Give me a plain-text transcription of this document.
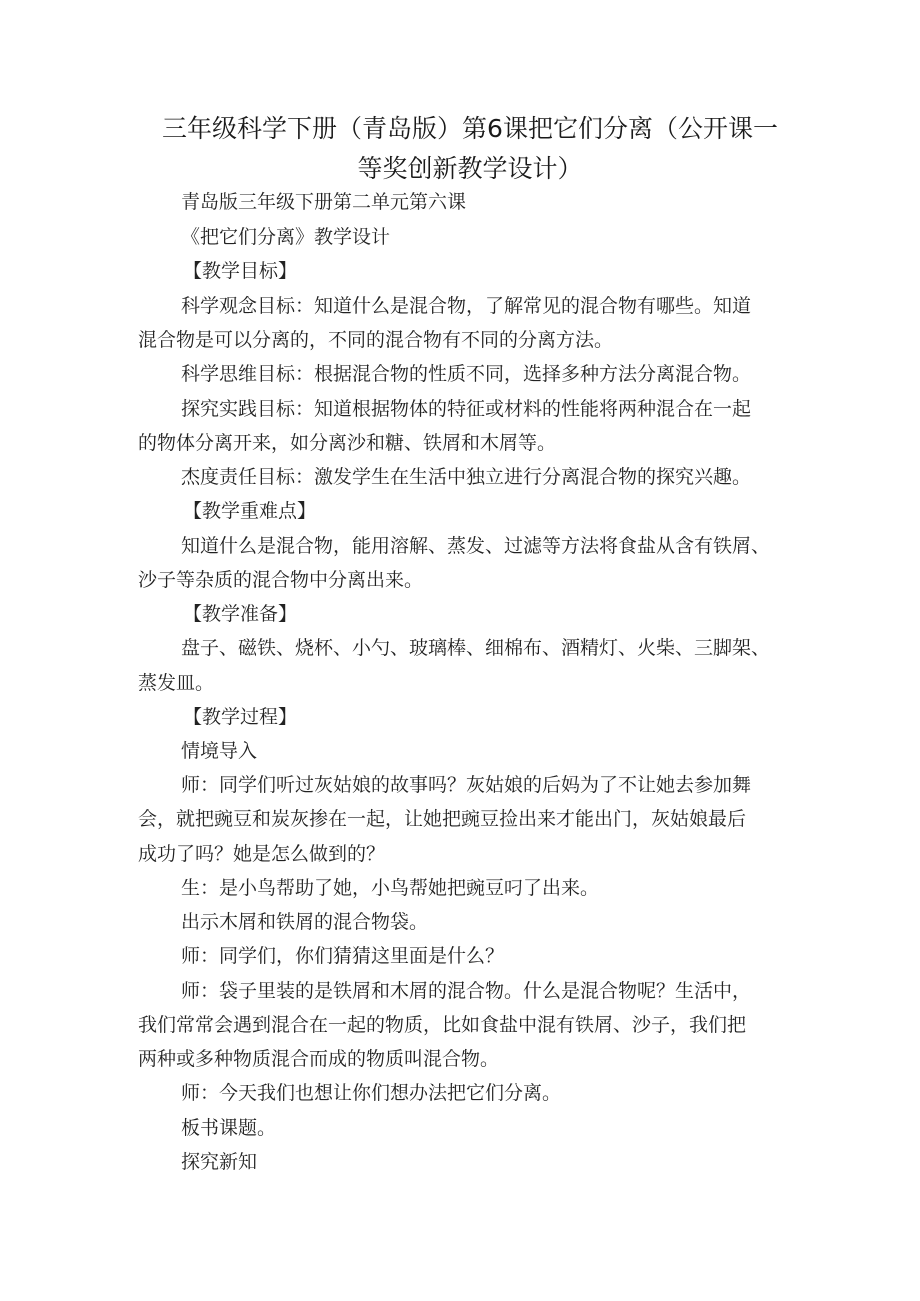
三年级科学下册（青岛版）第6课把它们分离（公开课一
等奖创新教学设计）

青岛版三年级下册第二单元第六课

《把它们分离》教学设计

【教学目标】

科学观念目标：知道什么是混合物，了解常见的混合物有哪些。知道

混合物是可以分离的，不同的混合物有不同的分离方法。

科学思维目标：根据混合物的性质不同，选择多种方法分离混合物。

探究实践目标：知道根据物体的特征或材料的性能将两种混合在一起

的物体分离开来，如分离沙和糖、铁屑和木屑等。

杰度责任目标：激发学生在生活中独立进行分离混合物的探究兴趣。

【教学重难点】

知道什么是混合物，能用溶解、蒸发、过滤等方法将食盐从含有铁屑、

沙子等杂质的混合物中分离出来。

【教学准备】

盘子、磁铁、烧杯、小勺、玻璃棒、细棉布、酒精灯、火柴、三脚架、

蒸发皿。

【教学过程】

情境导入

师：同学们听过灰姑娘的故事吗？灰姑娘的后妈为了不让她去参加舞

会，就把豌豆和炭灰掺在一起，让她把豌豆捡出来才能出门，灰姑娘最后

成功了吗？她是怎么做到的？

生：是小鸟帮助了她，小鸟帮她把豌豆叼了出来。

出示木屑和铁屑的混合物袋。

师：同学们，你们猜猜这里面是什么？

师：袋子里装的是铁屑和木屑的混合物。什么是混合物呢？生活中，

我们常常会遇到混合在一起的物质，比如食盐中混有铁屑、沙子，我们把

两种或多种物质混合而成的物质叫混合物。

师：今天我们也想让你们想办法把它们分离。

板书课题。

探究新知
